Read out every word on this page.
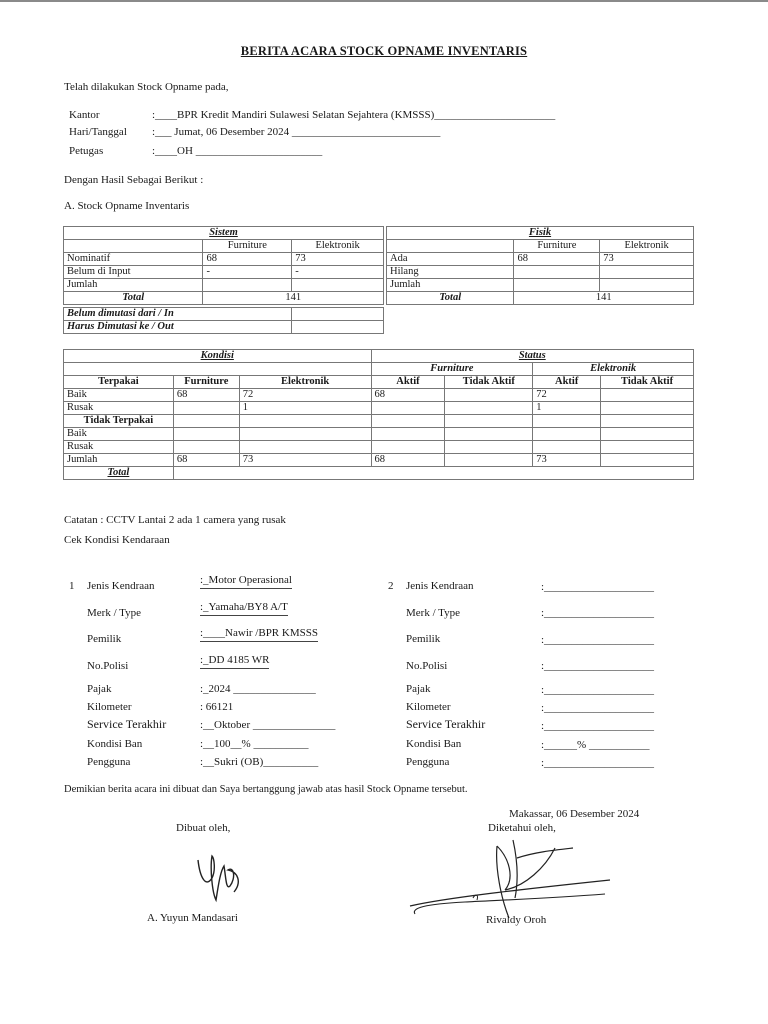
BERITA ACARA STOCK OPNAME INVENTARIS
Telah dilakukan Stock Opname pada,
Kantor	:____BPR Kredit Mandiri Sulawesi Selatan Sejahtera (KMSSS)______________________
Hari/Tanggal :___ Jumat, 06 Desember 2024 ___________________________
Petugas	:____OH _______________________
Dengan Hasil Sebagai Berikut :
A. Stock Opname Inventaris
Sistem		
	Furniture	Elektronik
Nominatif	68	73
Belum di Input	-	-
Jumlah		
Total	141	
Belum dimutasi dari / In	
Harus Dimutasi ke / Out	
Fisik		
	Furniture	Elektronik
Ada	68	73
Hilang		
Jumlah		
Total	141	
Kondisi			Status			
			Furniture		Elektronik	
Terpakai	Furniture	Elektronik	Aktif	Tidak Aktif	Aktif	Tidak Aktif
Baik	68	72	68		72	
Rusak		1			1	
Tidak Terpakai						
Baik						
Rusak						
Jumlah	68	73	68		73	
Total						
Catatan : CCTV Lantai 2 ada 1 camera yang rusak
Cek Kondisi Kendaraan
1 Jenis Kendraan	:_Motor Operasional
Merk / Type	:_Yamaha/BY8 A/T
Pemilik	:____Nawir /BPR KMSSS
No.Polisi	:_DD 4185 WR
Pajak	:_2024 _______________
Kilometer	: 66121
Service Terakhir	:__Oktober _______________
Kondisi Ban	:__100__% __________
Pengguna	:__Sukri (OB)__________
2 Jenis Kendraan	:____________________
Merk / Type	:____________________
Pemilik	:____________________
No.Polisi	:____________________
Pajak	:____________________
Kilometer	:____________________
Service Terakhir	:____________________
Kondisi Ban	:______% ___________
Pengguna	:____________________
Demikian berita acara ini dibuat dan Saya bertanggung jawab atas hasil Stock Opname tersebut.
Makassar, 06 Desember 2024
Dibuat oleh,	Diketahui oleh,
A. Yuyun Mandasari	Rivaldy Oroh
